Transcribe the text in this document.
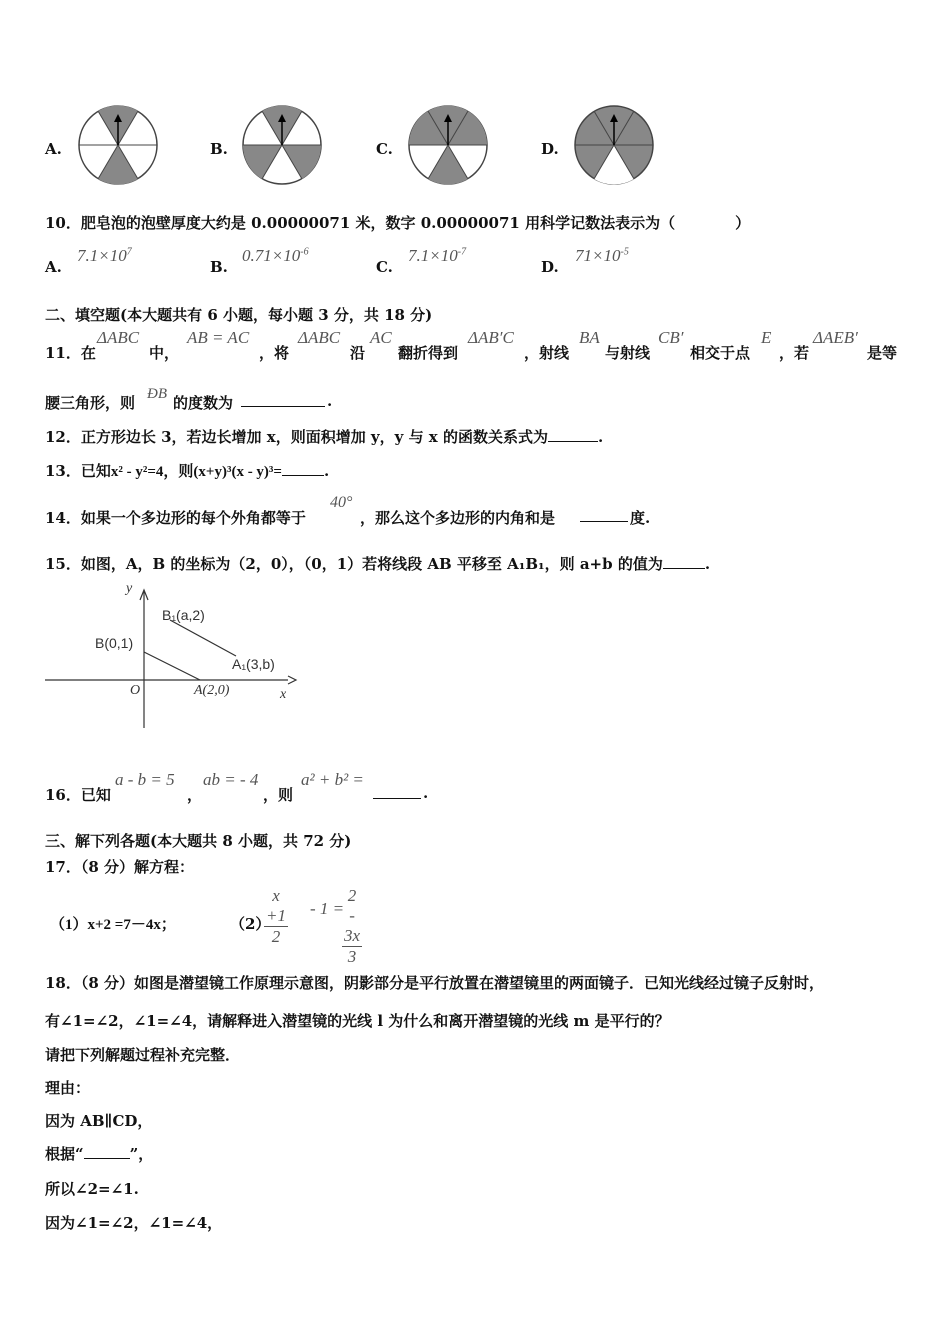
A.	B.	C.	D.
10．肥皂泡的泡壁厚度大约是 0.00000071 米，数字 0.00000071 用科学记数法表示为（　　　　）
A.
$7.1\times 10^7$
B.
$0.71\times 10^{-6}$
C.
$7.1\times 10^{-7}$
D.
$71\times 10^{-5}$
二、填空题(本大题共有 6 小题，每小题 3 分，共 18 分)
11．在
ΔABC
中，
AB = AC
，将
ΔABC
沿
AC
翻折得到
ΔAB′C
，射线
BA
与射线
CB′
相交于点
E
，若
ΔAEB′
是等
腰三角形，则 ÐB 的度数为	.
12．正方形边长 3，若边长增加 x，则面积增加 y，y 与 x 的函数关系式为	.
13．已知x² - y²=4，则(x+y)³(x - y)³=	.
14．如果一个多边形的每个外角都等于
40°
，那么这个多边形的内角和是	度.
15．如图，A，B 的坐标为（2，0），（0，1）若将线段 AB 平移至 A₁B₁，则 a+b 的值为	.
y
x
O
B(0,1)
A(2,0)
B₁(a,2)
A₁(3,b)
16．已知
a - b = 5
，
ab = - 4
，则
a² + b² =
.
三、解下列各题(本大题共 8 小题，共 72 分)
17．（8 分）解方程：
（1）x+2 =7－4x；	（2）
$\frac{x +1}{2} - 1$ =
$\frac{2 - 3x}{3}$
18．（8 分）如图是潜望镜工作原理示意图，阴影部分是平行放置在潜望镜里的两面镜子．已知光线经过镜子反射时，
有∠1=∠2，∠1=∠4，请解释进入潜望镜的光线 l 为什么和离开潜望镜的光线 m 是平行的？
请把下列解题过程补充完整．
理由：
因为 AB∥CD，
根据“	”，
所以∠2=∠1.
因为∠1=∠2，∠1=∠4，
